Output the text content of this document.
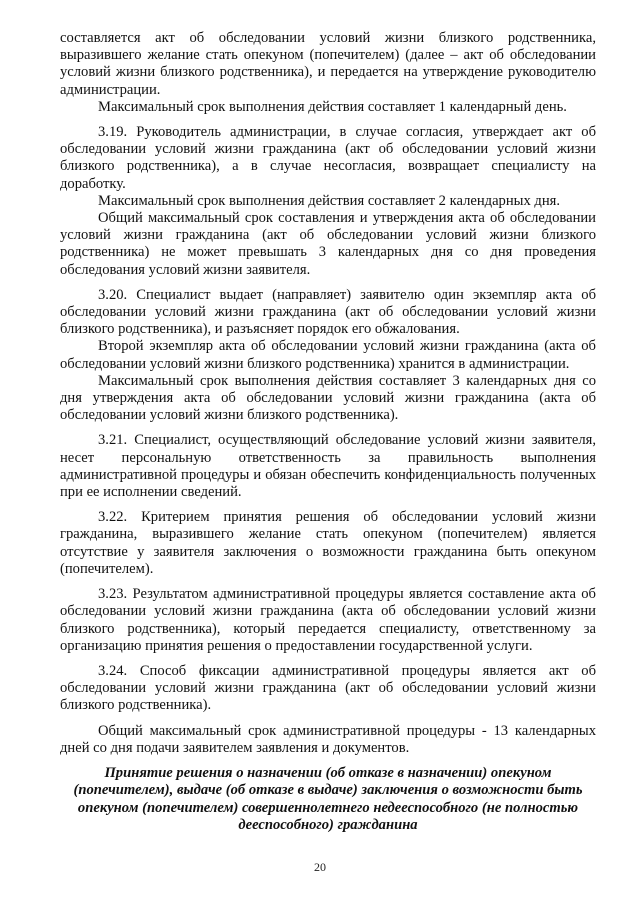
составляется акт об обследовании условий жизни близкого родственника, выразившего желание стать опекуном (попечителем) (далее – акт об обследовании условий жизни близкого родственника), и передается на утверждение руководителю администрации.

Максимальный срок выполнения действия составляет 1 календарный день.

3.19. Руководитель администрации, в случае согласия, утверждает акт об обследовании условий жизни гражданина (акт об обследовании условий жизни близкого родственника), а в случае несогласия, возвращает специалисту на доработку.

Максимальный срок выполнения действия составляет 2 календарных дня.

Общий максимальный срок составления и утверждения акта об обследовании условий жизни гражданина (акт об обследовании условий жизни близкого родственника) не может превышать 3 календарных дня со дня проведения обследования условий жизни заявителя.

3.20. Специалист выдает (направляет) заявителю один экземпляр акта об обследовании условий жизни гражданина (акт об обследовании условий жизни близкого родственника), и разъясняет порядок его обжалования.

Второй экземпляр акта об обследовании условий жизни гражданина (акта об обследовании условий жизни близкого родственника) хранится в администрации.

Максимальный срок выполнения действия составляет 3 календарных дня со дня утверждения акта об обследовании условий жизни гражданина (акта об обследовании условий жизни близкого родственника).

3.21. Специалист, осуществляющий обследование условий жизни заявителя, несет персональную ответственность за правильность выполнения административной процедуры и обязан обеспечить конфиденциальность полученных при ее исполнении сведений.

3.22. Критерием принятия решения об обследовании условий жизни гражданина, выразившего желание стать опекуном (попечителем) является отсутствие у заявителя заключения о возможности гражданина быть опекуном (попечителем).

3.23. Результатом административной процедуры является составление акта об обследовании условий жизни гражданина (акта об обследовании условий жизни близкого родственника), который передается специалисту, ответственному за организацию принятия решения о предоставлении государственной услуги.

3.24. Способ фиксации административной процедуры является акт об обследовании условий жизни гражданина (акт об обследовании условий жизни близкого родственника).

Общий максимальный срок административной процедуры - 13 календарных дней со дня подачи заявителем заявления и документов.

Принятие решения о назначении (об отказе в назначении) опекуном (попечителем), выдаче (об отказе в выдаче) заключения о возможности быть опекуном (попечителем) совершеннолетнего недееспособного (не полностью дееспособного) гражданина

20
